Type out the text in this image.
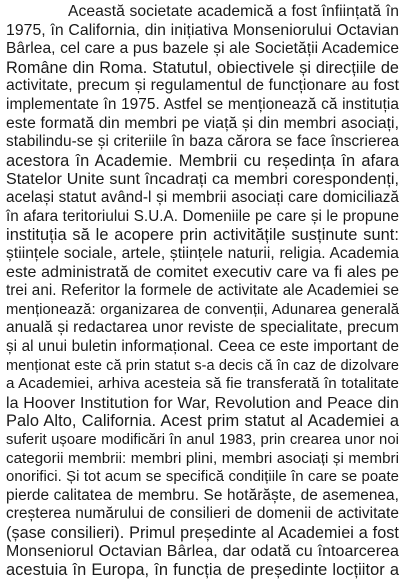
Această societate academică a fost înființată în
1975, în California, din inițiativa Monseniorului Octavian
Bârlea, cel care a pus bazele și ale Societății Academice
Române din Roma. Statutul, obiectivele și direcțiile de
activitate, precum și regulamentul de funcționare au fost
implementate în 1975. Astfel se menționează că instituția
este formată din membri pe viață și din membri asociați,
stabilindu-se și criteriile în baza cărora se face înscrierea
acestora în Academie. Membrii cu reședința în afara
Statelor Unite sunt încadrați ca membri corespondenți,
același statut având-l și membrii asociați care domiciliază
în afara teritoriului S.U.A. Domeniile pe care și le propune
instituția să le acopere prin activitățile susținute sunt:
științele sociale, artele, științele naturii, religia. Academia
este administrată de comitet executiv care va fi ales pe
trei ani. Referitor la formele de activitate ale Academiei se
menționează: organizarea de convenții, Adunarea generală
anuală și redactarea unor reviste de specialitate, precum
și al unui buletin informațional. Ceea ce este important de
menționat este că prin statut s-a decis că în caz de dizolvare
a Academiei, arhiva acesteia să fie transferată în totalitate
la Hoover Institution for War, Revolution and Peace din
Palo Alto, California. Acest prim statut al Academiei a
suferit ușoare modificări în anul 1983, prin crearea unor noi
categorii membrii: membri plini, membri asociați și membri
onorifici. Și tot acum se specifică condițiile în care se poate
pierde calitatea de membru. Se hotărăște, de asemenea,
creșterea numărului de consilieri de domenii de activitate
(șase consilieri). Primul președinte al Academiei a fost
Monseniorul Octavian Bârlea, dar odată cu întoarcerea
acestuia în Europa, în funcția de președinte locțiitor a
